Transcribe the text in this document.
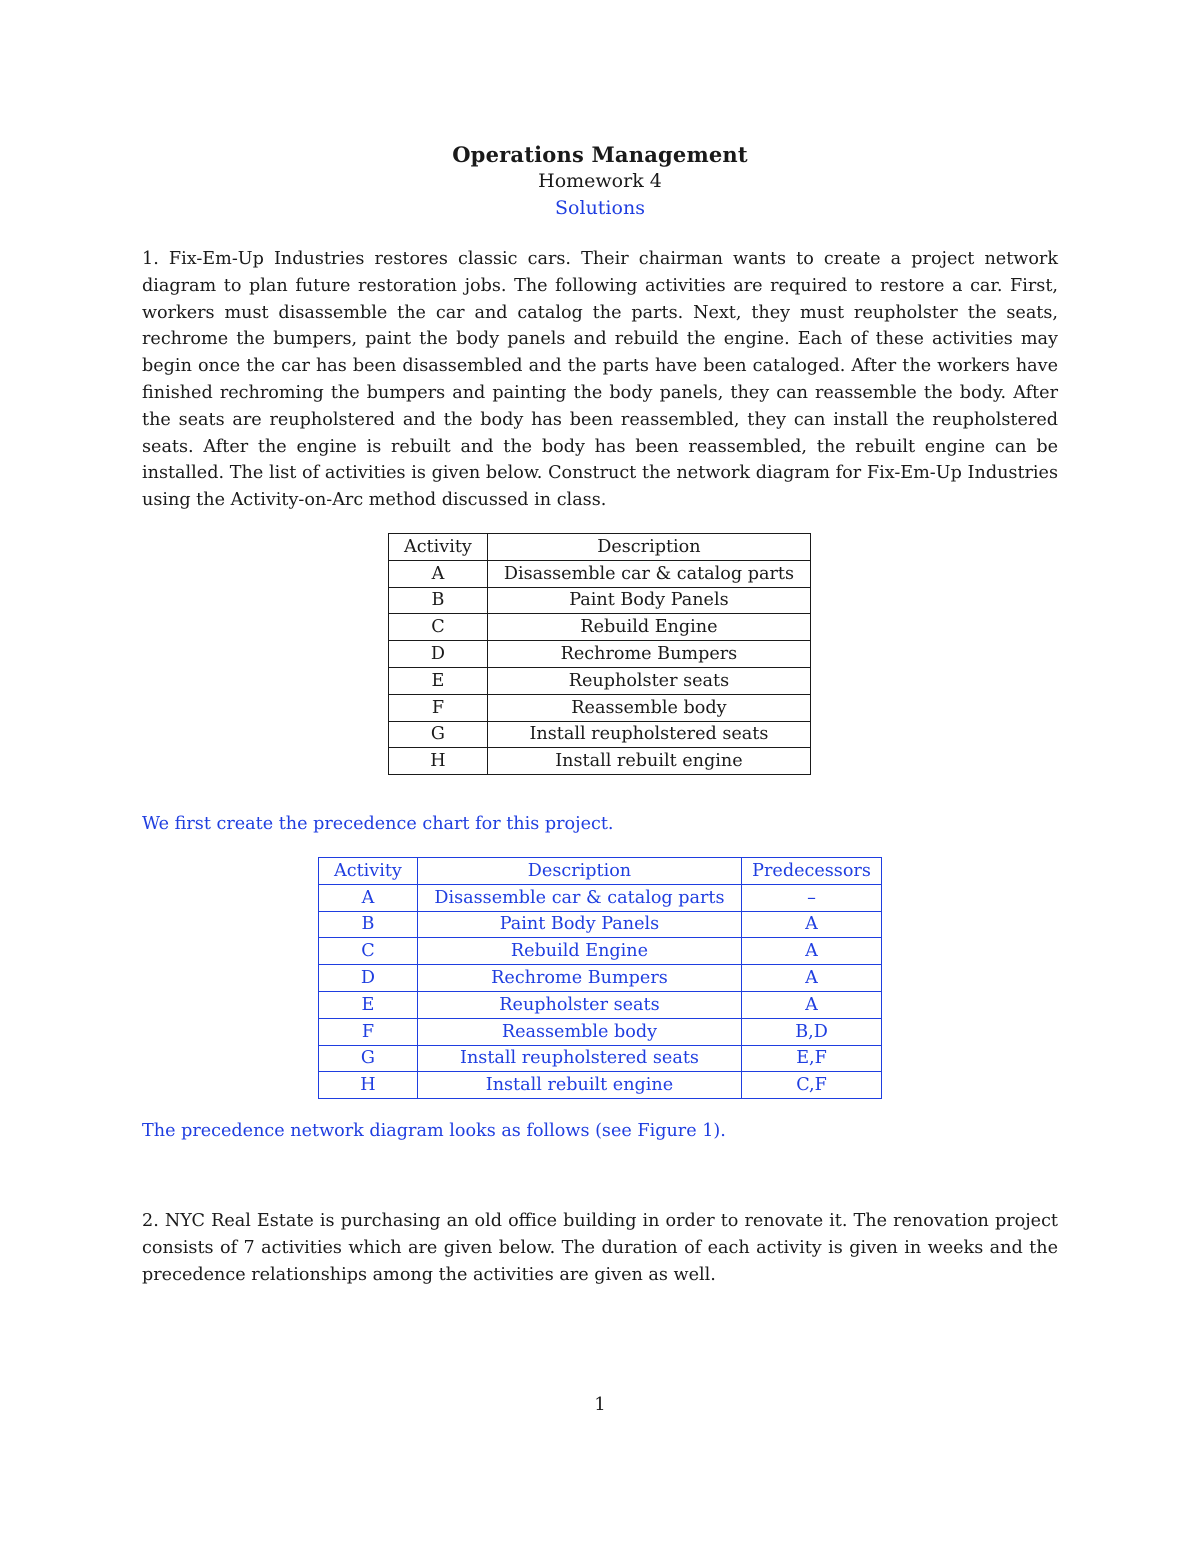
Operations Management
Homework 4
Solutions

1. Fix-Em-Up Industries restores classic cars. Their chairman wants to create a project network diagram to plan future restoration jobs. The following activities are required to restore a car. First, workers must disassemble the car and catalog the parts. Next, they must reupholster the seats, rechrome the bumpers, paint the body panels and rebuild the engine. Each of these activities may begin once the car has been disassembled and the parts have been cataloged. After the workers have finished rechroming the bumpers and painting the body panels, they can reassemble the body. After the seats are reupholstered and the body has been reassembled, they can install the reupholstered seats. After the engine is rebuilt and the body has been reassembled, the rebuilt engine can be installed. The list of activities is given below. Construct the network diagram for Fix-Em-Up Industries using the Activity-on-Arc method discussed in class.

Activity	Description
A	Disassemble car & catalog parts
B	Paint Body Panels
C	Rebuild Engine
D	Rechrome Bumpers
E	Reupholster seats
F	Reassemble body
G	Install reupholstered seats
H	Install rebuilt engine
We first create the precedence chart for this project.
Activity	Description	Predecessors
A	Disassemble car & catalog parts	–
B	Paint Body Panels	A
C	Rebuild Engine	A
D	Rechrome Bumpers	A
E	Reupholster seats	A
F	Reassemble body	B,D
G	Install reupholstered seats	E,F
H	Install rebuilt engine	C,F
The precedence network diagram looks as follows (see Figure 1).

2. NYC Real Estate is purchasing an old office building in order to renovate it. The renovation project consists of 7 activities which are given below. The duration of each activity is given in weeks and the precedence relationships among the activities are given as well.

1
